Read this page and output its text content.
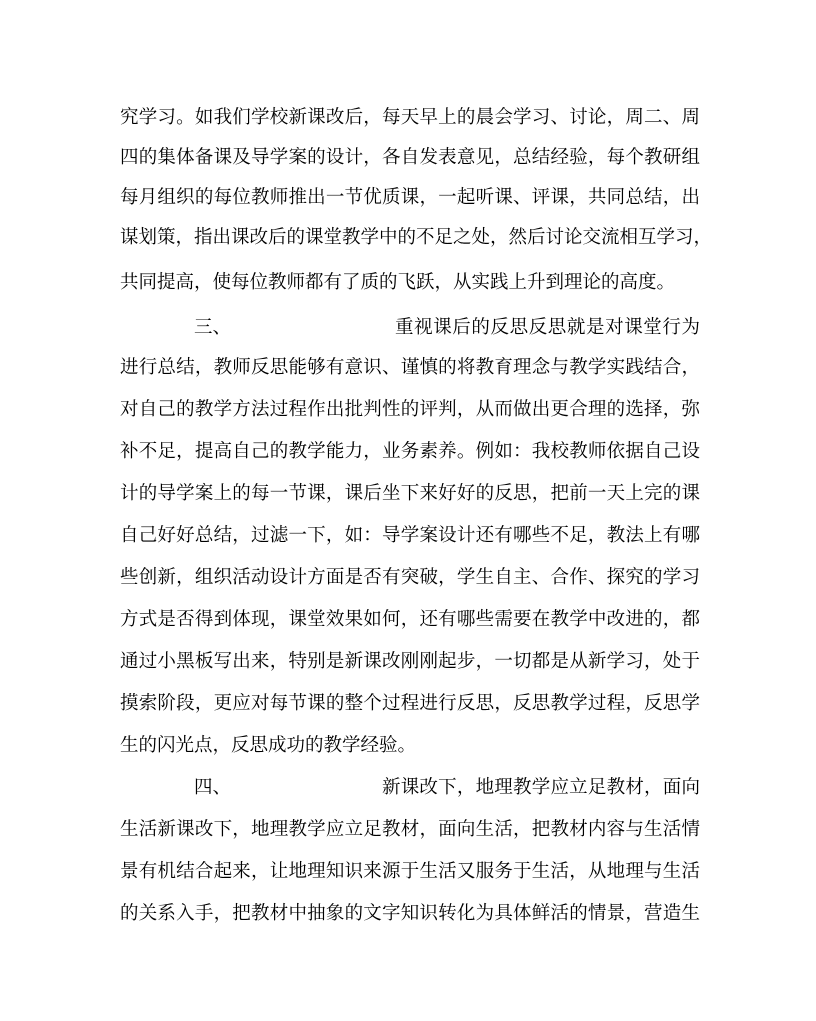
究学习。如我们学校新课改后，每天早上的晨会学习、讨论，周二、周
四的集体备课及导学案的设计，各自发表意见，总结经验，每个教研组
每月组织的每位教师推出一节优质课，一起听课、评课，共同总结，出
谋划策，指出课改后的课堂教学中的不足之处，然后讨论交流相互学习，
共同提高，使每位教师都有了质的飞跃，从实践上升到理论的高度。
三、	重视课后的反思反思就是对课堂行为
进行总结，教师反思能够有意识、谨慎的将教育理念与教学实践结合，
对自己的教学方法过程作出批判性的评判，从而做出更合理的选择，弥
补不足，提高自己的教学能力，业务素养。例如：我校教师依据自己设
计的导学案上的每一节课，课后坐下来好好的反思，把前一天上完的课
自己好好总结，过滤一下，如：导学案设计还有哪些不足，教法上有哪
些创新，组织活动设计方面是否有突破，学生自主、合作、探究的学习
方式是否得到体现，课堂效果如何，还有哪些需要在教学中改进的，都
通过小黑板写出来，特别是新课改刚刚起步，一切都是从新学习，处于
摸索阶段，更应对每节课的整个过程进行反思，反思教学过程，反思学
生的闪光点，反思成功的教学经验。
四、	新课改下，地理教学应立足教材，面向
生活新课改下，地理教学应立足教材，面向生活，把教材内容与生活情
景有机结合起来，让地理知识来源于生活又服务于生活，从地理与生活
的关系入手，把教材中抽象的文字知识转化为具体鲜活的情景，营造生
